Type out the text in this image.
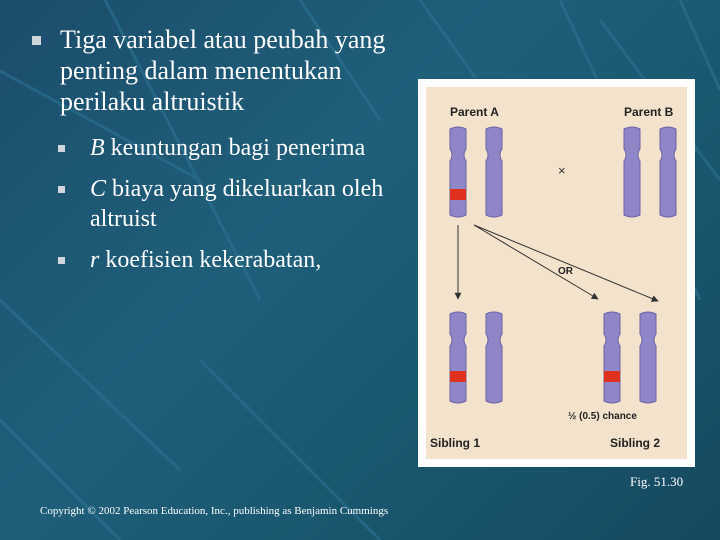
Tiga variabel atau peubah yang penting dalam menentukan perilaku altruistik
B keuntungan bagi penerima
C biaya yang dikeluarkan oleh altruist
r koefisien kekerabatan,
Parent A	Parent B
×
OR
½ (0.5) chance
Sibling 1	Sibling 2
Fig. 51.30
Copyright © 2002 Pearson Education, Inc., publishing as Benjamin Cummings
